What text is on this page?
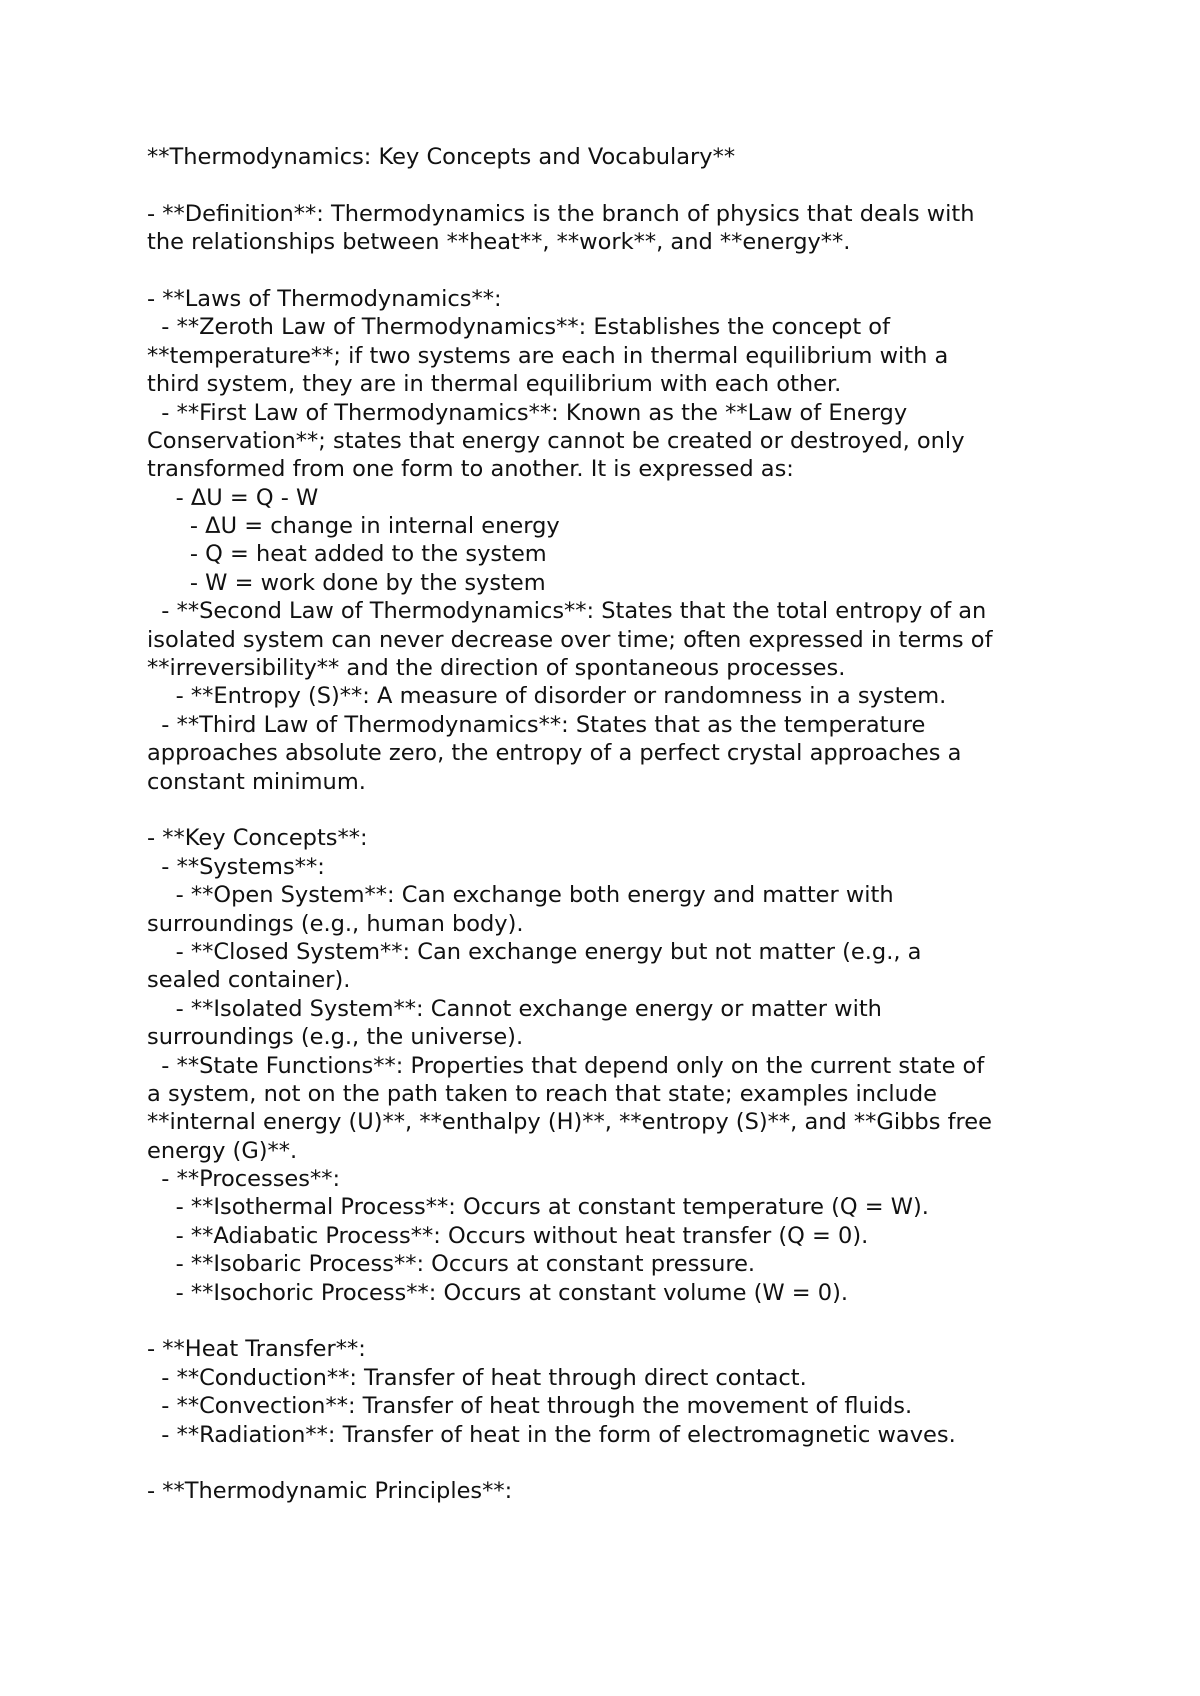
**Thermodynamics: Key Concepts and Vocabulary**
- **Definition**: Thermodynamics is the branch of physics that deals with
the relationships between **heat**, **work**, and **energy**.
- **Laws of Thermodynamics**:
- **Zeroth Law of Thermodynamics**: Establishes the concept of
**temperature**; if two systems are each in thermal equilibrium with a
third system, they are in thermal equilibrium with each other.
- **First Law of Thermodynamics**: Known as the **Law of Energy
Conservation**; states that energy cannot be created or destroyed, only
transformed from one form to another. It is expressed as:
- ΔU = Q - W
- ΔU = change in internal energy
- Q = heat added to the system
- W = work done by the system
- **Second Law of Thermodynamics**: States that the total entropy of an
isolated system can never decrease over time; often expressed in terms of
**irreversibility** and the direction of spontaneous processes.
- **Entropy (S)**: A measure of disorder or randomness in a system.
- **Third Law of Thermodynamics**: States that as the temperature
approaches absolute zero, the entropy of a perfect crystal approaches a
constant minimum.
- **Key Concepts**:
- **Systems**:
- **Open System**: Can exchange both energy and matter with
surroundings (e.g., human body).
- **Closed System**: Can exchange energy but not matter (e.g., a
sealed container).
- **Isolated System**: Cannot exchange energy or matter with
surroundings (e.g., the universe).
- **State Functions**: Properties that depend only on the current state of
a system, not on the path taken to reach that state; examples include
**internal energy (U)**, **enthalpy (H)**, **entropy (S)**, and **Gibbs free
energy (G)**.
- **Processes**:
- **Isothermal Process**: Occurs at constant temperature (Q = W).
- **Adiabatic Process**: Occurs without heat transfer (Q = 0).
- **Isobaric Process**: Occurs at constant pressure.
- **Isochoric Process**: Occurs at constant volume (W = 0).
- **Heat Transfer**:
- **Conduction**: Transfer of heat through direct contact.
- **Convection**: Transfer of heat through the movement of fluids.
- **Radiation**: Transfer of heat in the form of electromagnetic waves.
- **Thermodynamic Principles**:
